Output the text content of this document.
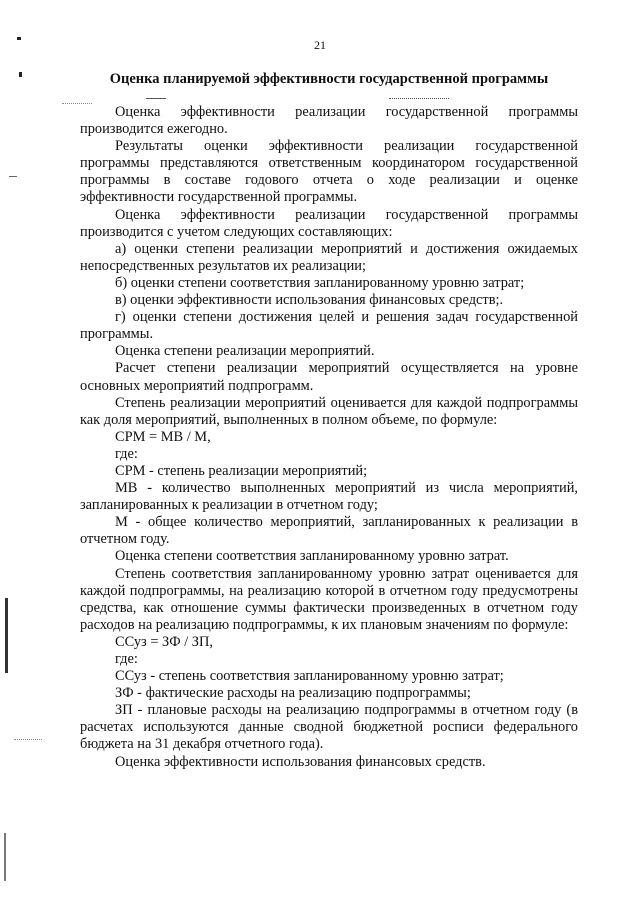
21
Оценка планируемой эффективности государственной программы

Оценка эффективности реализации государственной программы производится ежегодно.

Результаты оценки эффективности реализации государственной программы представляются ответственным координатором государственной программы в составе годового отчета о ходе реализации и оценке эффективности государственной программы.

Оценка эффективности реализации государственной программы производится с учетом следующих составляющих:

а) оценки степени реализации мероприятий и достижения ожидаемых непосредственных результатов их реализации;

б) оценки степени соответствия запланированному уровню затрат;

в) оценки эффективности использования финансовых средств;.

г) оценки степени достижения целей и решения задач государственной программы.

Оценка степени реализации мероприятий.

Расчет степени реализации мероприятий осуществляется на уровне основных мероприятий подпрограмм.

Степень реализации мероприятий оценивается для каждой подпрограммы как доля мероприятий, выполненных в полном объеме, по формуле:

СРМ = МВ / М,

где:

СРМ - степень реализации мероприятий;

МВ - количество выполненных мероприятий из числа мероприятий, запланированных к реализации в отчетном году;

М - общее количество мероприятий, запланированных к реализации в отчетном году.

Оценка степени соответствия запланированному уровню затрат.

Степень соответствия запланированному уровню затрат оценивается для каждой подпрограммы, на реализацию которой в отчетном году предусмотрены средства, как отношение суммы фактически произведенных в отчетном году расходов на реализацию подпрограммы, к их плановым значениям по формуле:

ССуз = ЗФ / ЗП,

где:

ССуз - степень соответствия запланированному уровню затрат;

ЗФ - фактические расходы на реализацию подпрограммы;

ЗП - плановые расходы на реализацию подпрограммы в отчетном году (в расчетах используются данные сводной бюджетной росписи федерального бюджета на 31 декабря отчетного года).

Оценка эффективности использования финансовых средств.
